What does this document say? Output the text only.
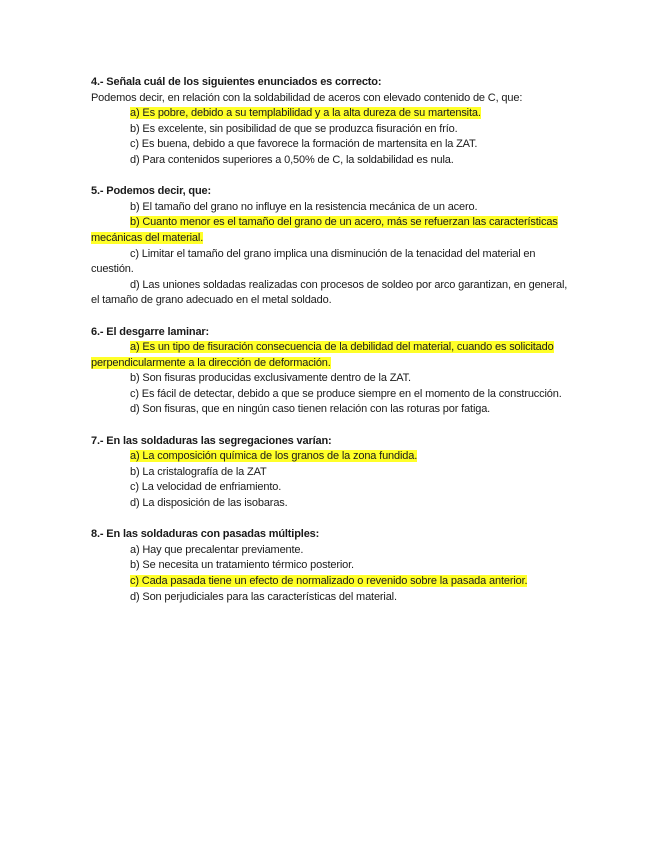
4.- Señala cuál de los siguientes enunciados es correcto:

Podemos decir, en relación con la soldabilidad de aceros con elevado contenido de C, que:

a) Es pobre, debido a su templabilidad y a la alta dureza de su martensita.

b) Es excelente, sin posibilidad de que se produzca fisuración en frío.

c) Es buena, debido a que favorece la formación de martensita en la ZAT.

d) Para contenidos superiores a 0,50% de C, la soldabilidad es nula.

5.- Podemos decir, que:

b) El tamaño del grano no influye en la resistencia mecánica de un acero.

b) Cuanto menor es el tamaño del grano de un acero, más se refuerzan las características mecánicas del material.

c) Limitar el tamaño del grano implica una disminución de la tenacidad del material en cuestión.

d) Las uniones soldadas realizadas con procesos de soldeo por arco garantizan, en general, el tamaño de grano adecuado en el metal soldado.

6.- El desgarre laminar:

a) Es un tipo de fisuración consecuencia de la debilidad del material, cuando es solicitado perpendicularmente a la dirección de deformación.

b) Son fisuras producidas exclusivamente dentro de la ZAT.

c) Es fácil de detectar, debido a que se produce siempre en el momento de la construcción.

d) Son fisuras, que en ningún caso tienen relación con las roturas por fatiga.

7.- En las soldaduras las segregaciones varían:

a) La composición química de los granos de la zona fundida.

b) La cristalografía de la ZAT

c) La velocidad de enfriamiento.

d) La disposición de las isobaras.

8.- En las soldaduras con pasadas múltiples:

a) Hay que precalentar previamente.

b) Se necesita un tratamiento térmico posterior.

c) Cada pasada tiene un efecto de normalizado o revenido sobre la pasada anterior.

d) Son perjudiciales para las características del material.
